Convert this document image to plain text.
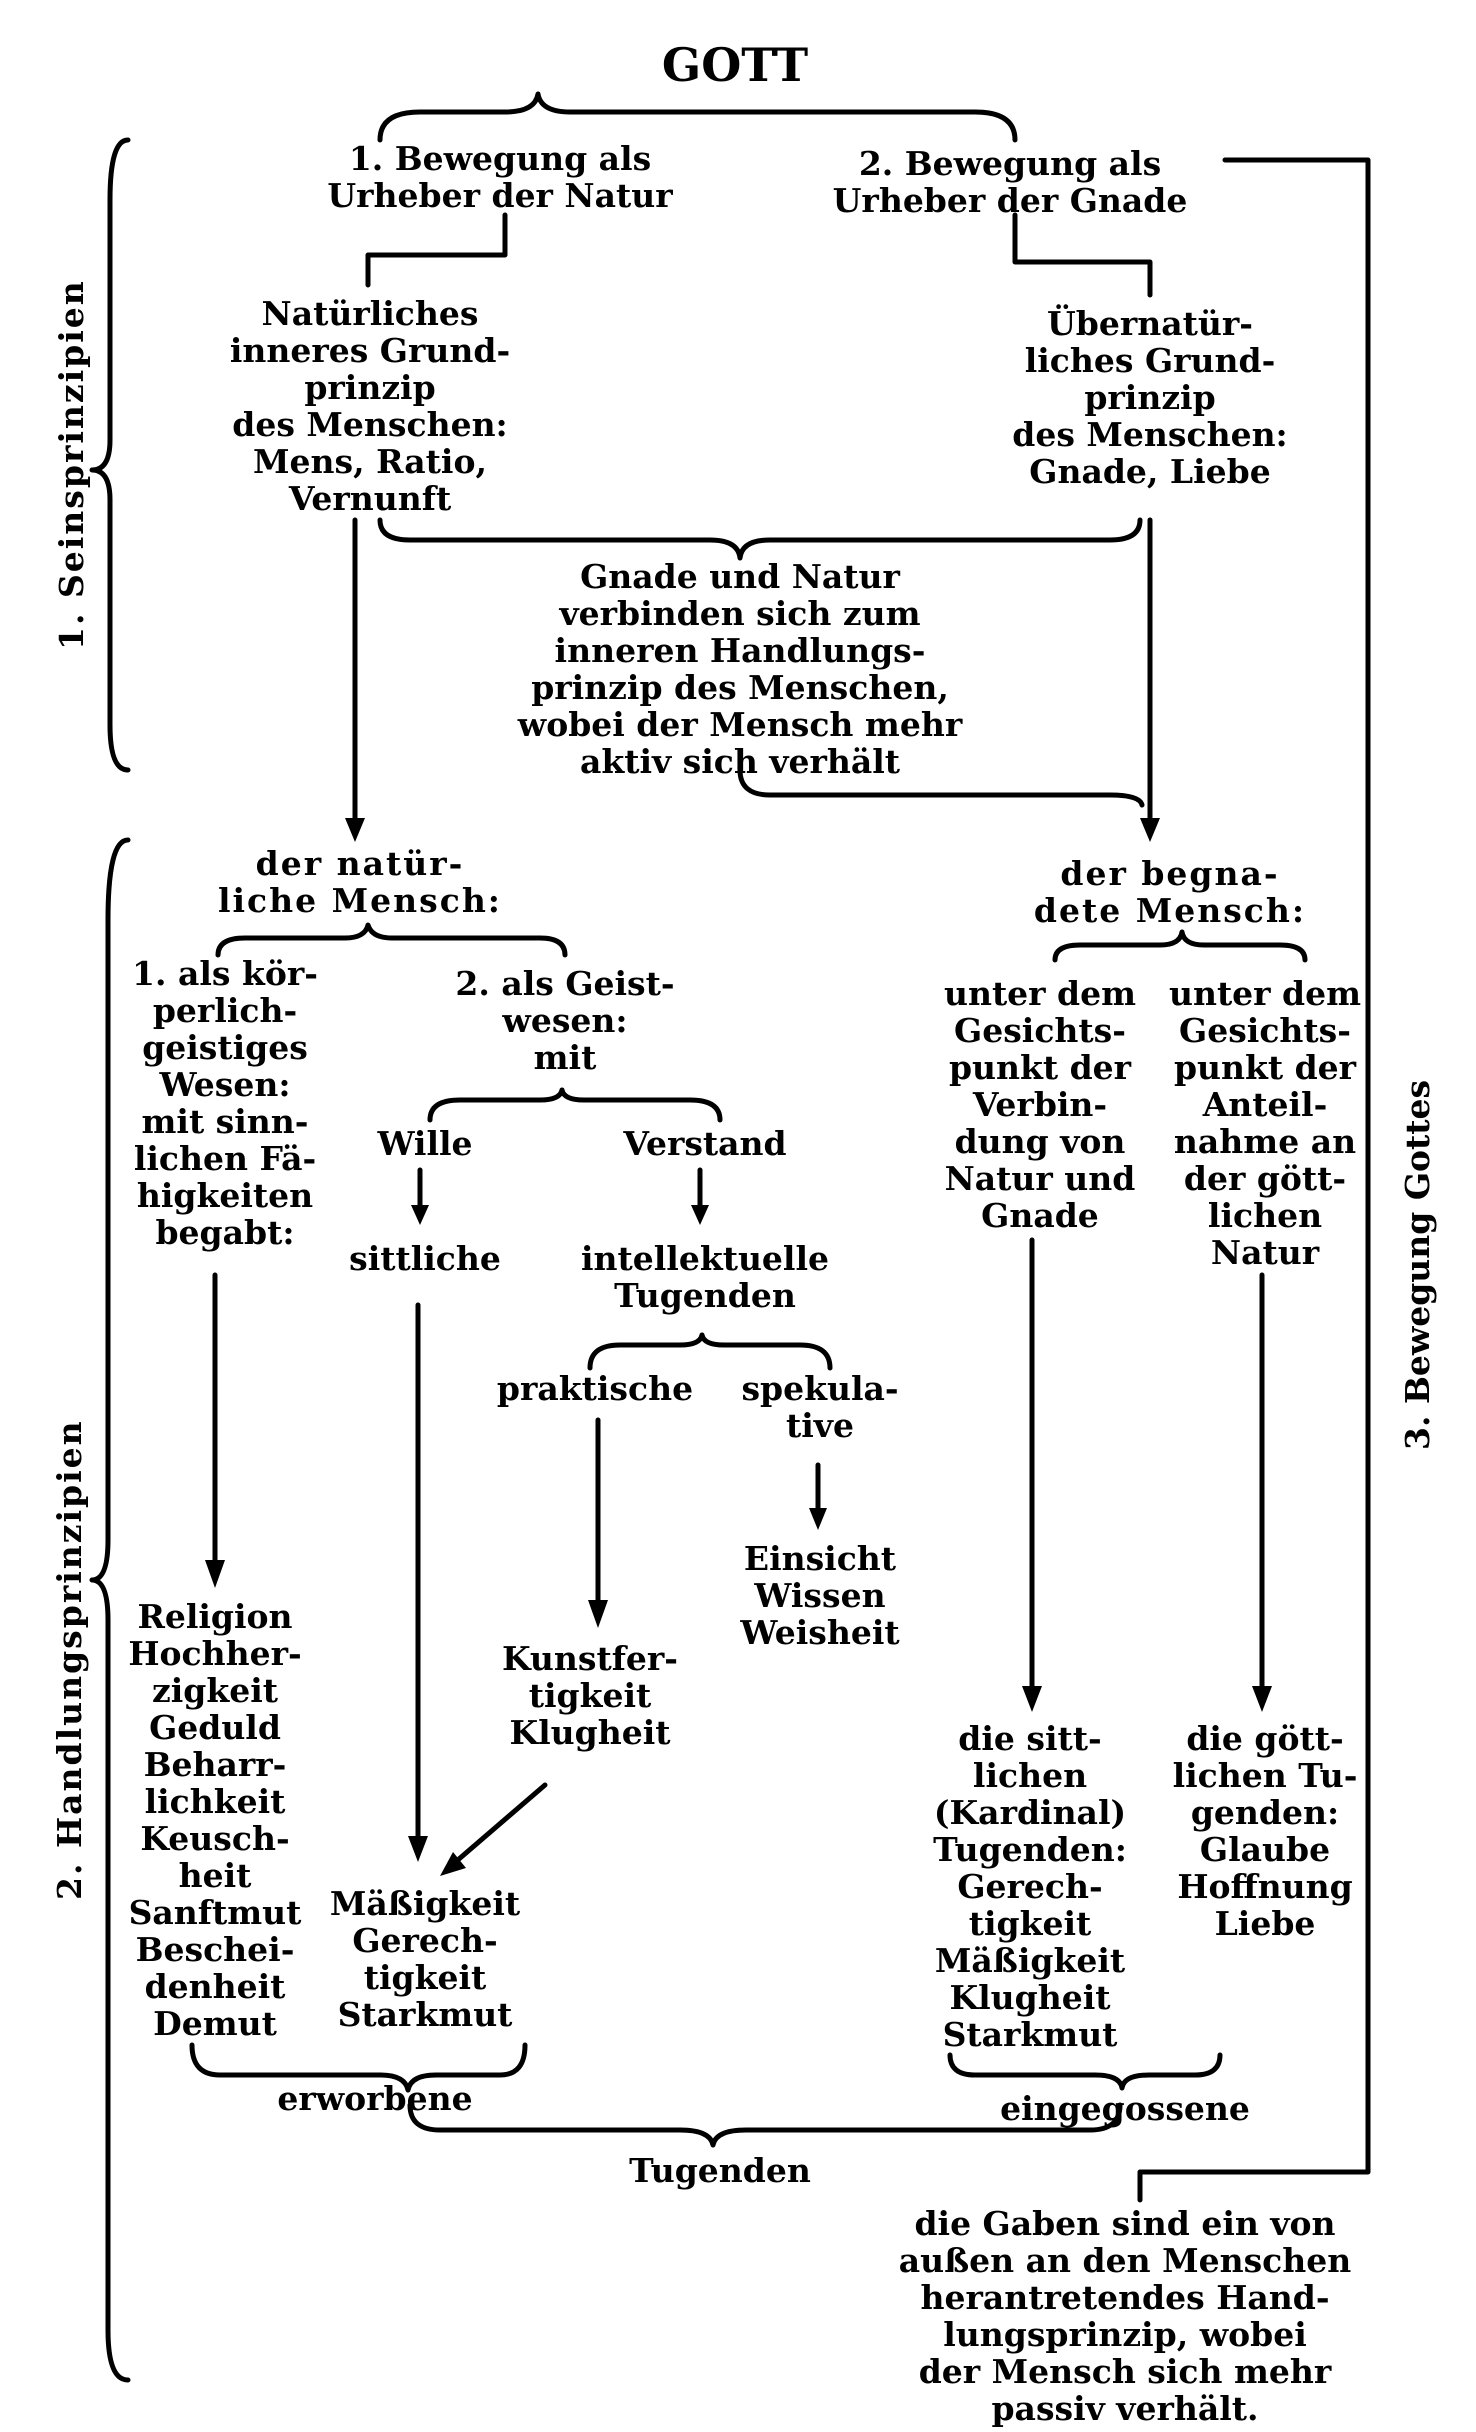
GOTT
1. Seinsprinzipien
2. Handlungsprinzipien
3. Bewegung Gottes
1. Bewegung als
Urheber der Natur
2. Bewegung als
Urheber der Gnade
Natürliches
inneres Grund-
prinzip
des Menschen:
Mens, Ratio,
Vernunft
Übernatür-
liches Grund-
prinzip
des Menschen:
Gnade, Liebe
Gnade und Natur
verbinden sich zum
inneren Handlungs-
prinzip des Menschen,
wobei der Mensch mehr
aktiv sich verhält
der natür-
liche Mensch:
der begna-
dete Mensch:
1. als kör-
perlich-
geistiges
Wesen:
mit sinn-
lichen Fä-
higkeiten
begabt:
2. als Geist-
wesen:
mit
Wille	Verstand
sittliche	intellektuelle
Tugenden
praktische	spekula-
tive
Einsicht
Wissen
Weisheit
Kunstfer-
tigkeit
Klugheit
Religion
Hochher-
zigkeit
Geduld
Beharr-
lichkeit
Keusch-
heit
Sanftmut
Beschei-
denheit
Demut
Mäßigkeit
Gerech-
tigkeit
Starkmut
unter dem
Gesichts-
punkt der
Verbin-
dung von
Natur und
Gnade
unter dem
Gesichts-
punkt der
Anteil-
nahme an
der gött-
lichen
Natur
die sitt-
lichen
(Kardinal)
Tugenden:
Gerech-
tigkeit
Mäßigkeit
Klugheit
Starkmut
die gött-
lichen Tu-
genden:
Glaube
Hoffnung
Liebe
erworbene	eingegossene
Tugenden
die Gaben sind ein von
außen an den Menschen
herantretendes Hand-
lungsprinzip, wobei
der Mensch sich mehr
passiv verhält.
